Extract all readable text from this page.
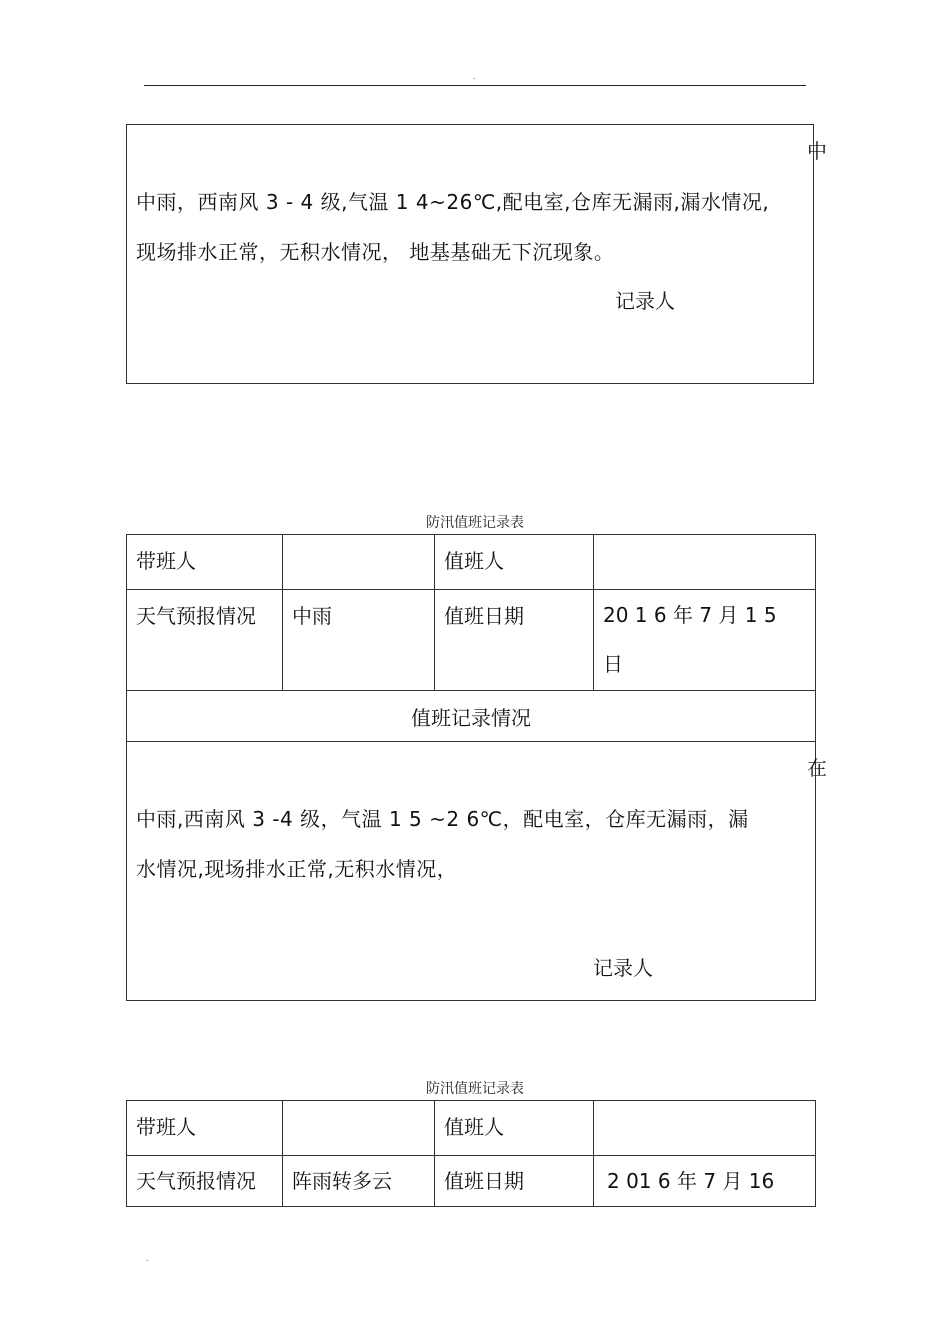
.
中
中雨，西南风 3 - 4 级,气温 1 4~26℃,配电室,仓库无漏雨,漏水情况,
现场排水正常，无积水情况， 地基基础无下沉现象。
记录人
防汛值班记录表
带班人		值班人	

天气预报情况	中雨	值班日期	20 1 6 年 7 月 1 5
日

值班记录情况			

在
中雨,西南风 3 -4 级，气温 1 5 ~2 6℃，配电室，仓库无漏雨，漏
水情况,现场排水正常,无积水情况，
记录人			
防汛值班记录表
带班人		值班人	

天气预报情况	阵雨转多云	值班日期	2 01 6 年 7 月 16
.
